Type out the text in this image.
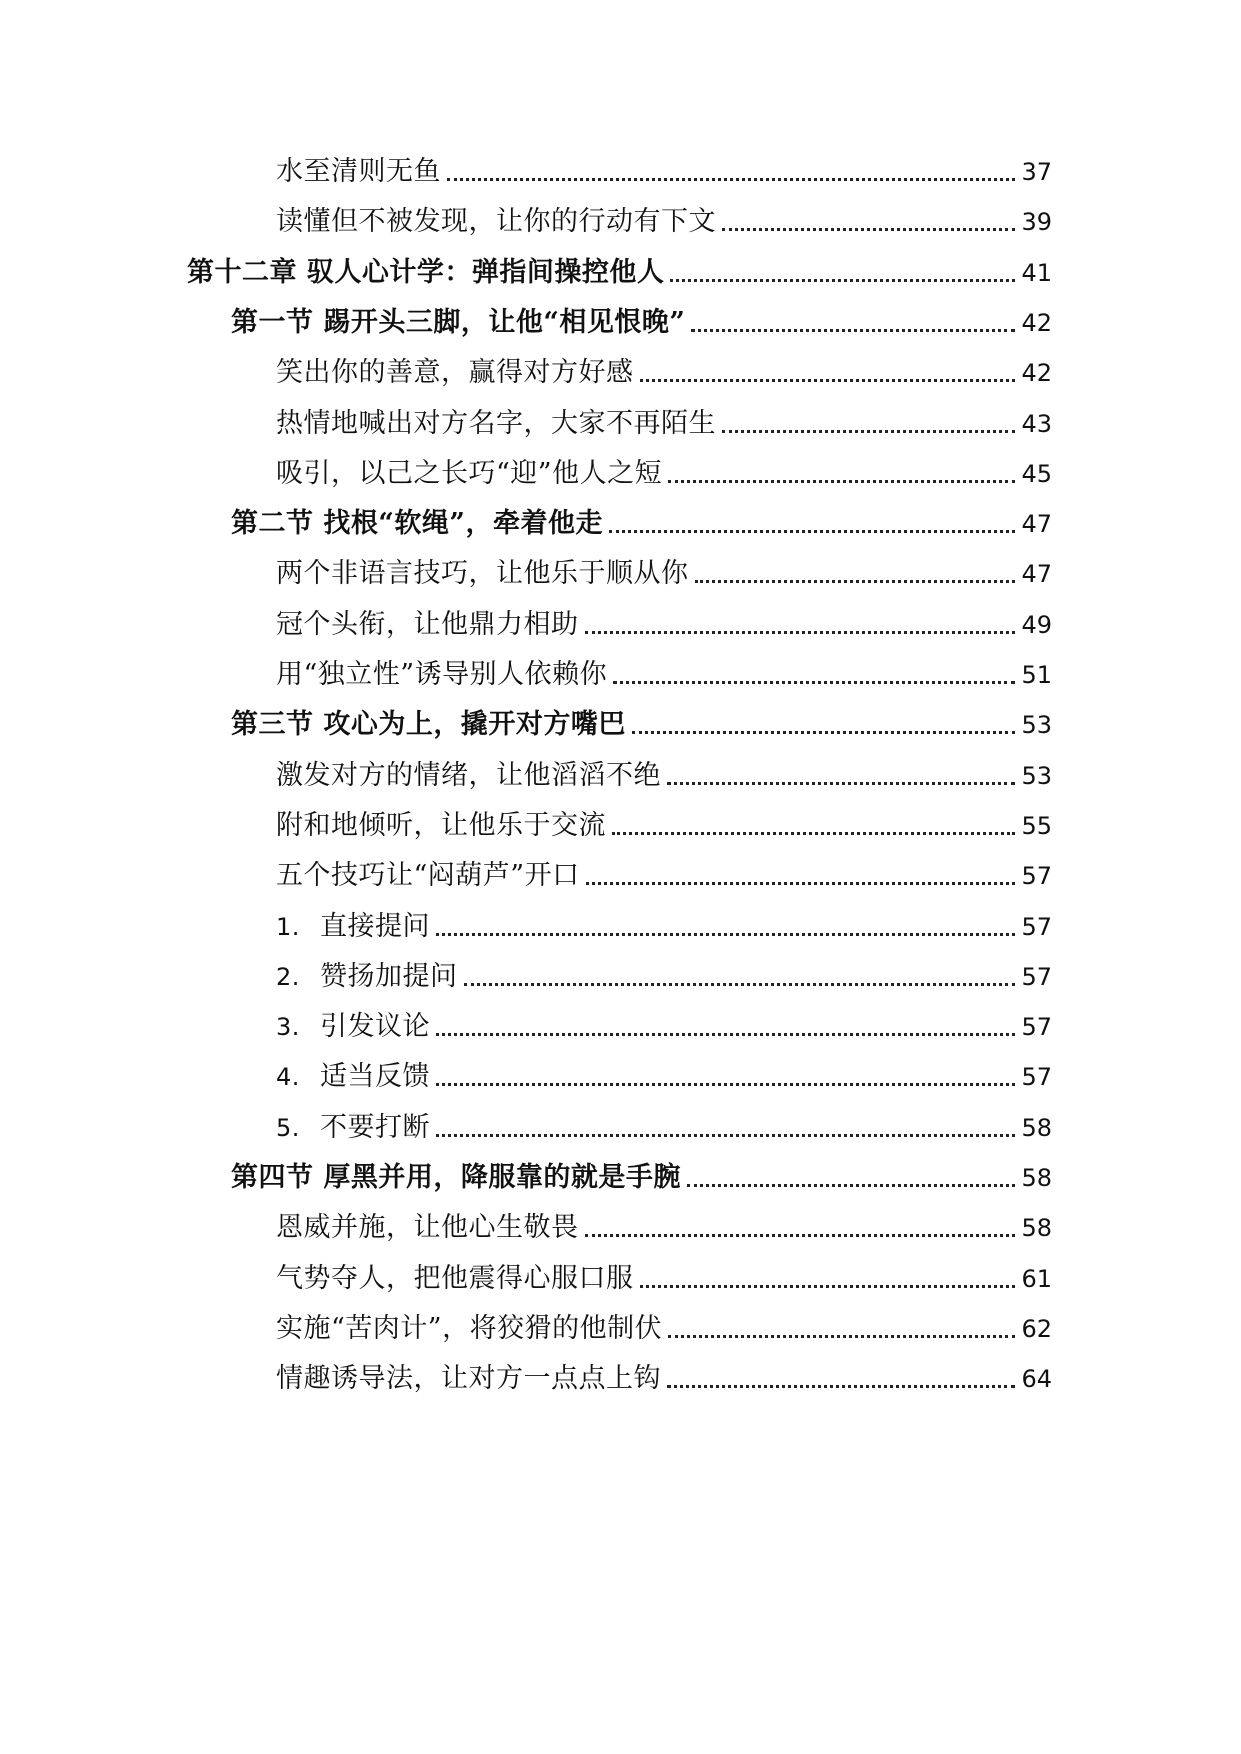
水至清则无鱼	37
读懂但不被发现，让你的行动有下文	39
第十二章 驭人心计学：弹指间操控他人	41
第一节 踢开头三脚，让他“相见恨晚”	42
笑出你的善意，赢得对方好感	42
热情地喊出对方名字，大家不再陌生	43
吸引，以己之长巧“迎”他人之短	45
第二节 找根“软绳”，牵着他走	47
两个非语言技巧，让他乐于顺从你	47
冠个头衔，让他鼎力相助	49
用“独立性”诱导别人依赖你	51
第三节 攻心为上，撬开对方嘴巴	53
激发对方的情绪，让他滔滔不绝	53
附和地倾听，让他乐于交流	55
五个技巧让“闷葫芦”开口	57
1. 直接提问	57
2. 赞扬加提问	57
3. 引发议论	57
4. 适当反馈	57
5. 不要打断	58
第四节 厚黑并用，降服靠的就是手腕	58
恩威并施，让他心生敬畏	58
气势夺人，把他震得心服口服	61
实施“苦肉计”，将狡猾的他制伏	62
情趣诱导法，让对方一点点上钩	64
